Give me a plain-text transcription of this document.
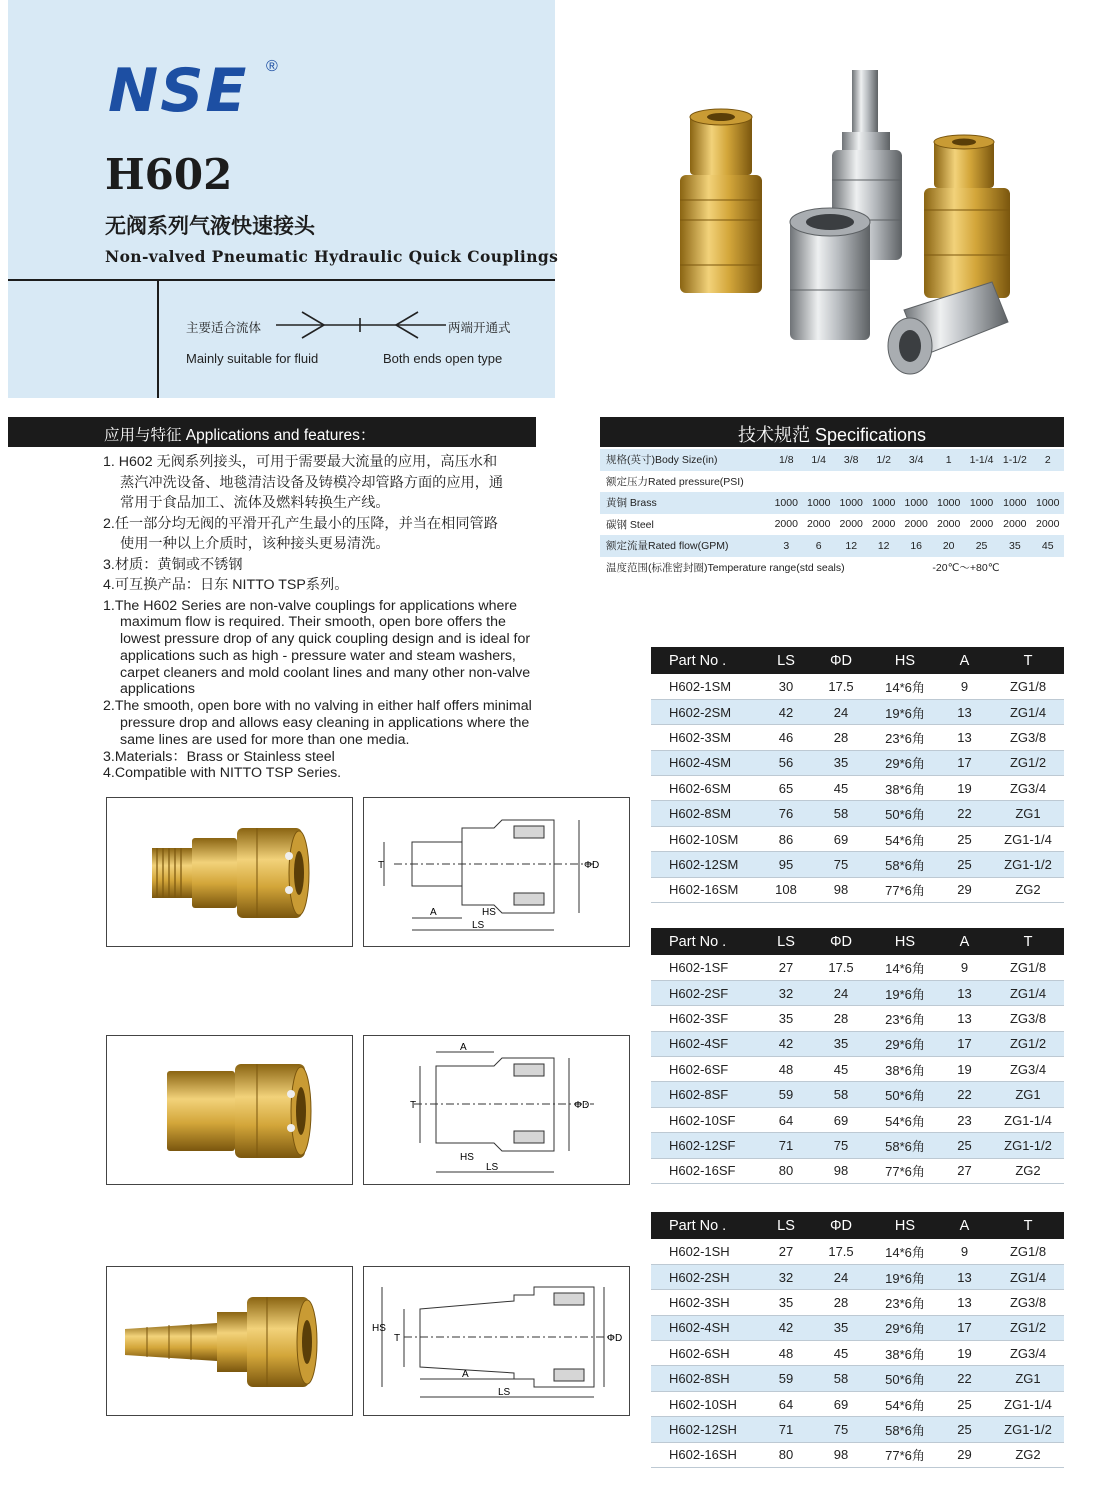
NSE ®
H602
无阀系列气液快速接头
Non-valved Pneumatic Hydraulic Quick Couplings
主要适合流体
Mainly suitable for fluid
两端开通式
Both ends open type
应用与特征 Applications and features：

1. H602 无阀系列接头，可用于需要最大流量的应用，高压水和

蒸汽冲洗设备、地毯清洁设备及铸模冷却管路方面的应用，通

常用于食品加工、流体及燃料转换生产线。

2.任一部分均无阀的平滑开孔产生最小的压降，并当在相同管路

使用一种以上介质时，该种接头更易清洗。

3.材质：黄铜或不锈钢

4.可互换产品：日东 NITTO TSP系列。

1.The H602 Series are non-valve couplings for applications where

maximum flow is required. Their smooth, open bore offers the

lowest pressure drop of any quick coupling design and is ideal for

applications such as high - pressure water and steam washers,

carpet cleaners and mold coolant lines and many other non-valve

applications

2.The smooth, open bore with no valving in either half offers minimal

pressure drop and allows easy cleaning in applications where the

same lines are used for more than one media.

3.Materials：Brass or Stainless steel

4.Compatible with NITTO TSP Series.

技术规范 Specifications
规格(英寸)Body Size(in)	1/8	1/4	3/8	1/2	3/4	1	1-1/4	1-1/2	2
额定压力Rated pressure(PSI)									
黄铜 Brass	1000	1000	1000	1000	1000	1000	1000	1000	1000
碳钢 Steel	2000	2000	2000	2000	2000	2000	2000	2000	2000
额定流量Rated flow(GPM)	3	6	12	12	16	20	25	35	45
温度范围(标准密封圈)Temperature range(std seals)						-20℃～+80℃			
Part No .	LS	ΦD	HS	A	T
H602-1SM	30	17.5	14*6角	9	ZG1/8
H602-2SM	42	24	19*6角	13	ZG1/4
H602-3SM	46	28	23*6角	13	ZG3/8
H602-4SM	56	35	29*6角	17	ZG1/2
H602-6SM	65	45	38*6角	19	ZG3/4
H602-8SM	76	58	50*6角	22	ZG1
H602-10SM	86	69	54*6角	25	ZG1-1/4
H602-12SM	95	75	58*6角	25	ZG1-1/2
H602-16SM	108	98	77*6角	29	ZG2
Part No .	LS	ΦD	HS	A	T
H602-1SF	27	17.5	14*6角	9	ZG1/8
H602-2SF	32	24	19*6角	13	ZG1/4
H602-3SF	35	28	23*6角	13	ZG3/8
H602-4SF	42	35	29*6角	17	ZG1/2
H602-6SF	48	45	38*6角	19	ZG3/4
H602-8SF	59	58	50*6角	22	ZG1
H602-10SF	64	69	54*6角	23	ZG1-1/4
H602-12SF	71	75	58*6角	25	ZG1-1/2
H602-16SF	80	98	77*6角	27	ZG2
Part No .	LS	ΦD	HS	A	T
H602-1SH	27	17.5	14*6角	9	ZG1/8
H602-2SH	32	24	19*6角	13	ZG1/4
H602-3SH	35	28	23*6角	13	ZG3/8
H602-4SH	42	35	29*6角	17	ZG1/2
H602-6SH	48	45	38*6角	19	ZG3/4
H602-8SH	59	58	50*6角	22	ZG1
H602-10SH	64	69	54*6角	25	ZG1-1/4
H602-12SH	71	75	58*6角	25	ZG1-1/2
H602-16SH	80	98	77*6角	29	ZG2
T
A	HS
LS
ΦD
A
T
HS
LS
ΦD
HS
T
A
LS
ΦD
